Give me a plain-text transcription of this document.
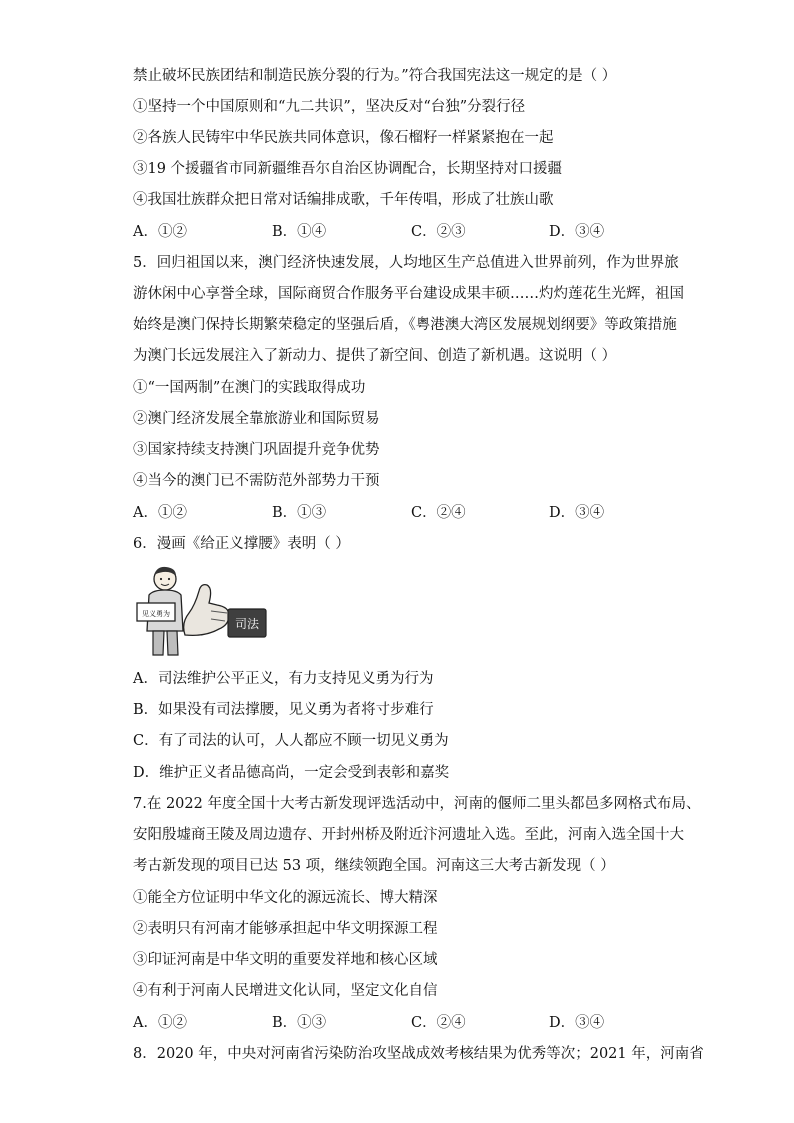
禁止破坏民族团结和制造民族分裂的行为。”符合我国宪法这一规定的是（ ）
①坚持一个中国原则和“九二共识”，坚决反对“台独”分裂行径
②各族人民铸牢中华民族共同体意识，像石榴籽一样紧紧抱在一起
③19 个援疆省市同新疆维吾尔自治区协调配合，长期坚持对口援疆
④我国壮族群众把日常对话编排成歌，千年传唱，形成了壮族山歌
A．①②	B．①④	C．②③	D．③④
5．回归祖国以来，澳门经济快速发展，人均地区生产总值进入世界前列，作为世界旅
游休闲中心享誉全球，国际商贸合作服务平台建设成果丰硕……灼灼莲花生光辉，祖国
始终是澳门保持长期繁荣稳定的坚强后盾，《粤港澳大湾区发展规划纲要》等政策措施
为澳门长远发展注入了新动力、提供了新空间、创造了新机遇。这说明（ ）
①“一国两制”在澳门的实践取得成功
②澳门经济发展全靠旅游业和国际贸易
③国家持续支持澳门巩固提升竞争优势
④当今的澳门已不需防范外部势力干预
A．①②	B．①③	C．②④	D．③④
6．漫画《给正义撑腰》表明（ ）
见义勇为
司法
A．司法维护公平正义，有力支持见义勇为行为
B．如果没有司法撑腰，见义勇为者将寸步难行
C．有了司法的认可，人人都应不顾一切见义勇为
D．维护正义者品德高尚，一定会受到表彰和嘉奖
7.在 2022 年度全国十大考古新发现评选活动中，河南的偃师二里头都邑多网格式布局、
安阳殷墟商王陵及周边遗存、开封州桥及附近汴河遗址入选。至此，河南入选全国十大
考古新发现的项目已达 53 项，继续领跑全国。河南这三大考古新发现（ ）
①能全方位证明中华文化的源远流长、博大精深
②表明只有河南才能够承担起中华文明探源工程
③印证河南是中华文明的重要发祥地和核心区域
④有利于河南人民增进文化认同，坚定文化自信
A．①②	B．①③	C．②④	D．③④
8．2020 年，中央对河南省污染防治攻坚战成效考核结果为优秀等次；2021 年，河南省
